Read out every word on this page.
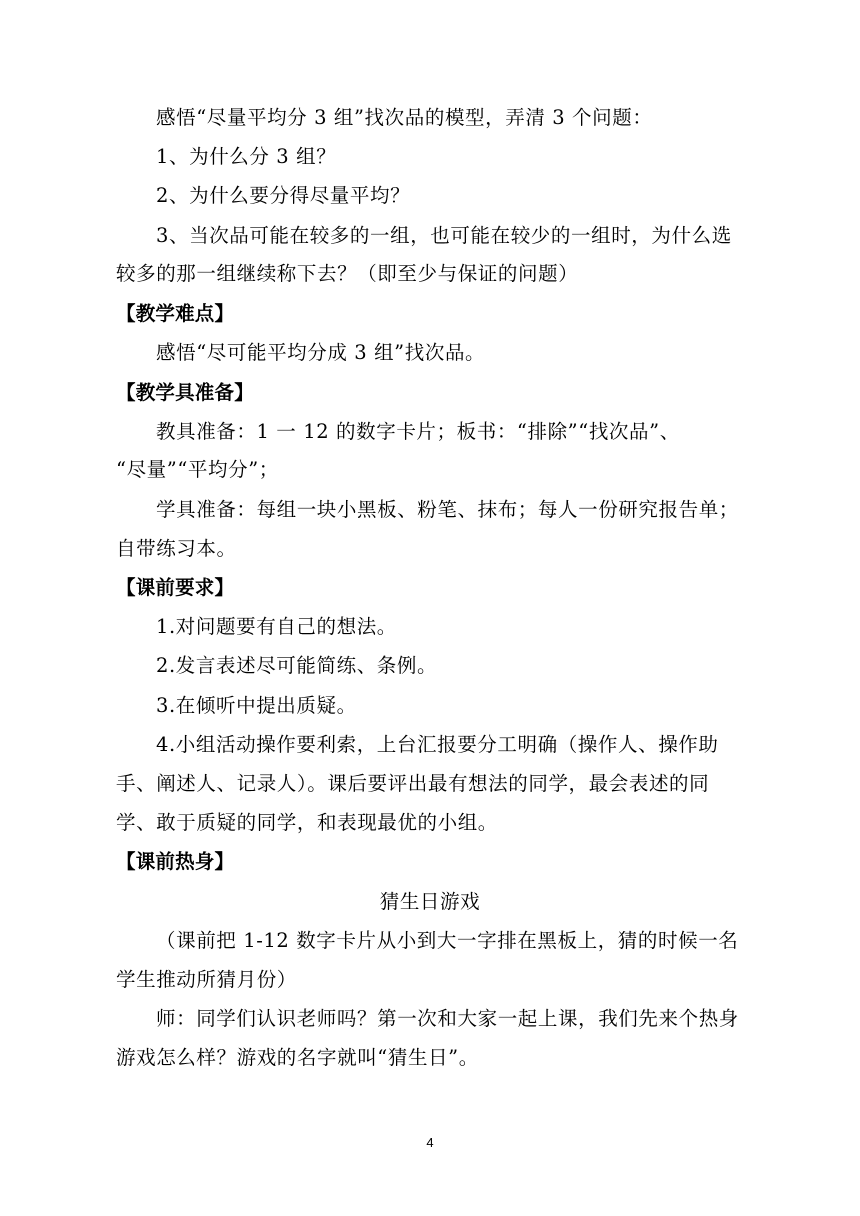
感悟“尽量平均分 3 组”找次品的模型，弄清 3 个问题：
1、为什么分 3 组？
2、为什么要分得尽量平均？
3、当次品可能在较多的一组，也可能在较少的一组时，为什么选
较多的那一组继续称下去？（即至少与保证的问题）
【教学难点】
感悟“尽可能平均分成 3 组”找次品。
【教学具准备】
教具准备：1 一 12 的数字卡片；板书：“排除”“找次品”、
“尽量”“平均分”；
学具准备：每组一块小黑板、粉笔、抹布；每人一份研究报告单；
自带练习本。
【课前要求】
1.对问题要有自己的想法。
2.发言表述尽可能简练、条例。
3.在倾听中提出质疑。
4.小组活动操作要利索，上台汇报要分工明确（操作人、操作助
手、阐述人、记录人）。课后要评出最有想法的同学，最会表述的同
学、敢于质疑的同学，和表现最优的小组。
【课前热身】
猜生日游戏
（课前把 1-12 数字卡片从小到大一字排在黑板上，猜的时候一名
学生推动所猜月份）
师：同学们认识老师吗？第一次和大家一起上课，我们先来个热身
游戏怎么样？游戏的名字就叫“猜生日”。
4
